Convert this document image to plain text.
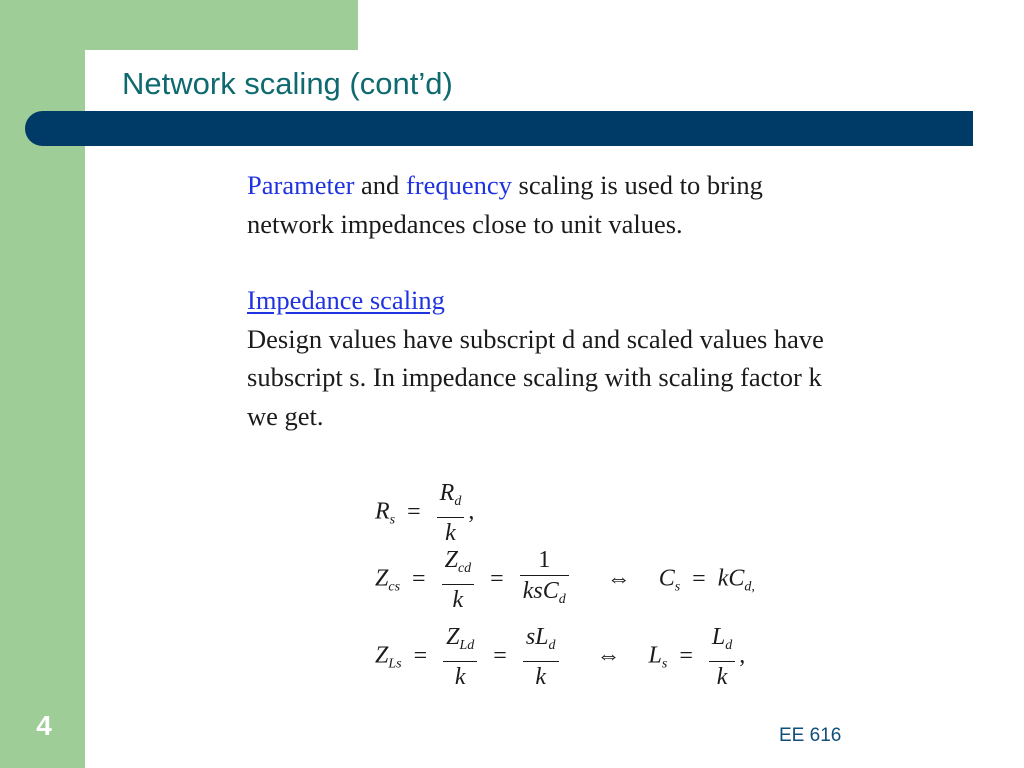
Network scaling (cont’d)

Parameter and frequency scaling is used to bring network impedances close to unit values.

Impedance scaling

Design values have subscript d and scaled values have subscript s. In impedance scaling with scaling factor k we get.

$R_s = \frac{R_d}{k}$ ,
$Z_{cs} = \frac{Z_{cd}}{k} = \frac{1}{ksC_d}$ ⇔ $C_s = kC_{d,}$
$Z_{Ls} = \frac{Z_{Ld}}{k} = \frac{sL_d}{k}$ ⇔ $L_s = \frac{L_d}{k}$ ,
4	EE 616
